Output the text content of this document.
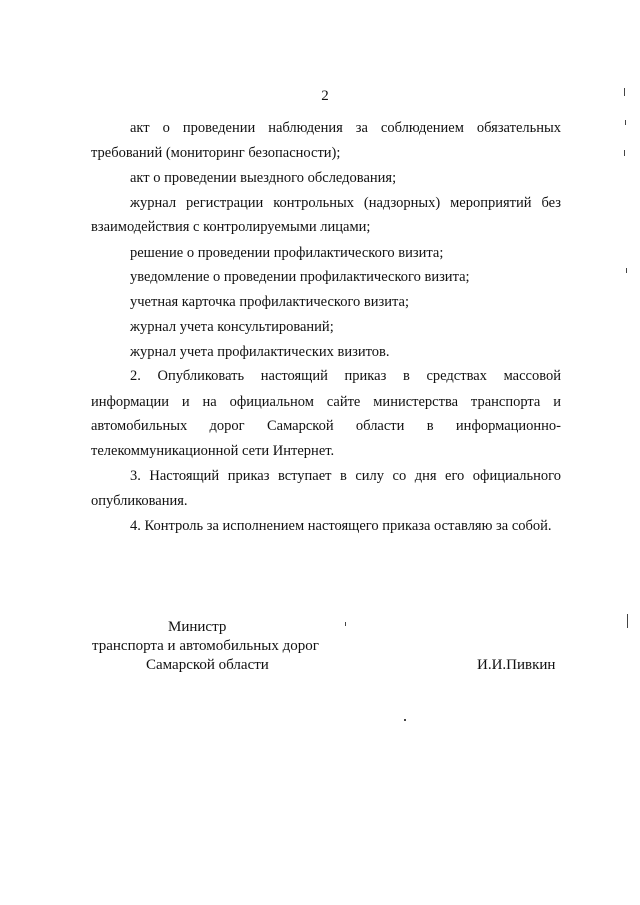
2
акт о проведении наблюдения за соблюдением обязательных
требований (мониторинг безопасности);
акт о проведении выездного обследования;
журнал регистрации контрольных (надзорных) мероприятий без
взаимодействия с контролируемыми лицами;
решение о проведении профилактического визита;
уведомление о проведении профилактического визита;
учетная карточка профилактического визита;
журнал учета консультирований;
журнал учета профилактических визитов.
2. Опубликовать настоящий приказ в средствах массовой
информации и на официальном сайте министерства транспорта и
автомобильных дорог Самарской области в информационно-
телекоммуникационной сети Интернет.
3. Настоящий приказ вступает в силу со дня его официального
опубликования.
4. Контроль за исполнением настоящего приказа оставляю за собой.
Министр
транспорта и автомобильных дорог
Самарской области	И.И.Пивкин
